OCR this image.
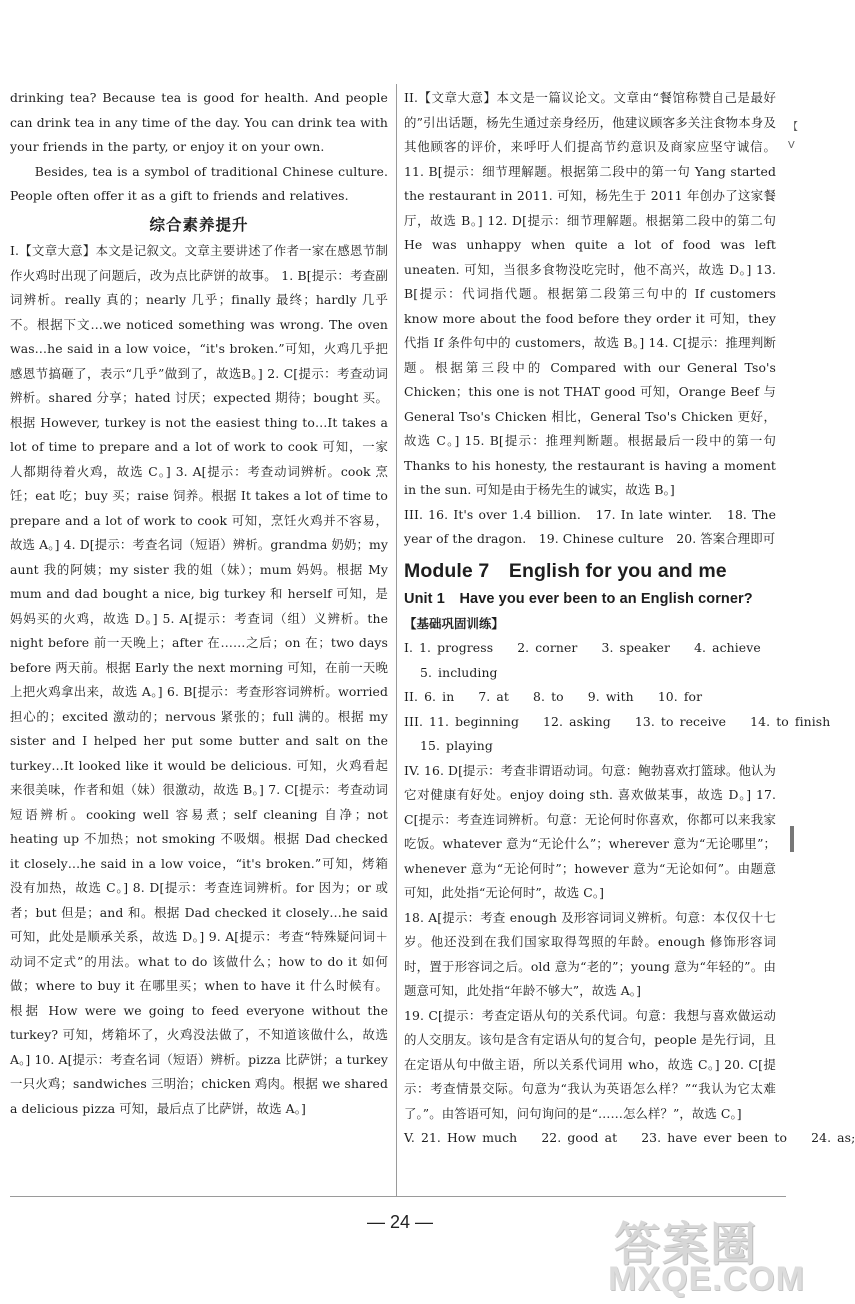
drinking tea? Because tea is good for health. And people can drink tea in any time of the day. You can drink tea with your friends in the party, or enjoy it on your own.

Besides, tea is a symbol of traditional Chinese culture. People often offer it as a gift to friends and relatives.

综合素养提升

I.【文章大意】本文是记叙文。文章主要讲述了作者一家在感恩节制作火鸡时出现了问题后，改为点比萨饼的故事。 1. B[提示：考查副词辨析。really 真的；nearly 几乎；finally 最终；hardly 几乎不。根据下文…we noticed something was wrong. The oven was…he said in a low voice，“it's broken.”可知，火鸡几乎把感恩节搞砸了，表示“几乎”做到了，故选B。] 2. C[提示：考查动词辨析。shared 分享；hated 讨厌；expected 期待；bought 买。根据 However, turkey is not the easiest thing to…It takes a lot of time to prepare and a lot of work to cook 可知，一家人都期待着火鸡，故选 C。] 3. A[提示：考查动词辨析。cook 烹饪；eat 吃；buy 买；raise 饲养。根据 It takes a lot of time to prepare and a lot of work to cook 可知，烹饪火鸡并不容易，故选 A。] 4. D[提示：考查名词（短语）辨析。grandma 奶奶；my aunt 我的阿姨；my sister 我的姐（妹）；mum 妈妈。根据 My mum and dad bought a nice, big turkey 和 herself 可知，是妈妈买的火鸡，故选 D。] 5. A[提示：考查词（组）义辨析。the night before 前一天晚上；after 在……之后；on 在；two days before 两天前。根据 Early the next morning 可知，在前一天晚上把火鸡拿出来，故选 A。] 6. B[提示：考查形容词辨析。worried 担心的；excited 激动的；nervous 紧张的；full 满的。根据 my sister and I helped her put some butter and salt on the turkey…It looked like it would be delicious. 可知，火鸡看起来很美味，作者和姐（妹）很激动，故选 B。] 7. C[提示：考查动词短语辨析。cooking well 容易煮；self cleaning 自净；not heating up 不加热；not smoking 不吸烟。根据 Dad checked it closely…he said in a low voice，“it's broken.”可知，烤箱没有加热，故选 C。] 8. D[提示：考查连词辨析。for 因为；or 或者；but 但是；and 和。根据 Dad checked it closely…he said 可知，此处是顺承关系，故选 D。] 9. A[提示：考查“特殊疑问词＋动词不定式”的用法。what to do 该做什么；how to do it 如何做；where to buy it 在哪里买；when to have it 什么时候有。根据 How were we going to feed everyone without the turkey? 可知，烤箱坏了，火鸡没法做了，不知道该做什么，故选 A。] 10. A[提示：考查名词（短语）辨析。pizza 比萨饼；a turkey 一只火鸡；sandwiches 三明治；chicken 鸡肉。根据 we shared a delicious pizza 可知，最后点了比萨饼，故选 A。]

II.【文章大意】本文是一篇议论文。文章由“餐馆称赞自己是最好的”引出话题，杨先生通过亲身经历，他建议顾客多关注食物本身及其他顾客的评价，来呼吁人们提高节约意识及商家应坚守诚信。 11. B[提示：细节理解题。根据第二段中的第一句 Yang started the restaurant in 2011. 可知，杨先生于 2011 年创办了这家餐厅，故选 B。] 12. D[提示：细节理解题。根据第二段中的第二句 He was unhappy when quite a lot of food was left uneaten. 可知，当很多食物没吃完时，他不高兴，故选 D。] 13. B[提示：代词指代题。根据第二段第三句中的 If customers know more about the food before they order it 可知，they 代指 If 条件句中的 customers，故选 B。] 14. C[提示：推理判断题。根据第三段中的 Compared with our General Tso's Chicken；this one is not THAT good 可知，Orange Beef 与 General Tso's Chicken 相比，General Tso's Chicken 更好，故选 C。] 15. B[提示：推理判断题。根据最后一段中的第一句 Thanks to his honesty, the restaurant is having a moment in the sun. 可知是由于杨先生的诚实，故选 B。]

III. 16. It's over 1.4 billion.　17. In late winter.　18. The year of the dragon.　19. Chinese culture　20. 答案合理即可

Module 7　English for you and me
Unit 1　Have you ever been to an English corner?
【基础巩固训练】
I. 1. progress 2. corner 3. speaker 4. achieve
5. including
II. 6. in 7. at 8. to 9. with 10. for
III. 11. beginning 12. asking 13. to receive 14. to finish
15. playing

IV. 16. D[提示：考查非谓语动词。句意：鲍勃喜欢打篮球。他认为它对健康有好处。enjoy doing sth. 喜欢做某事，故选 D。] 17. C[提示：考查连词辨析。句意：无论何时你喜欢，你都可以来我家吃饭。whatever 意为“无论什么”；wherever 意为“无论哪里”；whenever 意为“无论何时”；however 意为“无论如何”。由题意可知，此处指“无论何时”，故选 C。]

18. A[提示：考查 enough 及形容词词义辨析。句意：本仅仅十七岁。他还没到在我们国家取得驾照的年龄。enough 修饰形容词时，置于形容词之后。old 意为“老的”；young 意为“年轻的”。由题意可知，此处指“年龄不够大”，故选 A。]

19. C[提示：考查定语从句的关系代词。句意：我想与喜欢做运动的人交朋友。该句是含有定语从句的复合句，people 是先行词，且在定语从句中做主语，所以关系代词用 who，故选 C。] 20. C[提示：考查情景交际。句意为“我认为英语怎么样？”“我认为它太难了。”。由答语可知，问句询问的是“……怎么样？”，故选 C。]

V. 21. How much 22. good at 23. have ever been to 24. as;
【
V
— 24 —	答案圈
MXQE.COM
